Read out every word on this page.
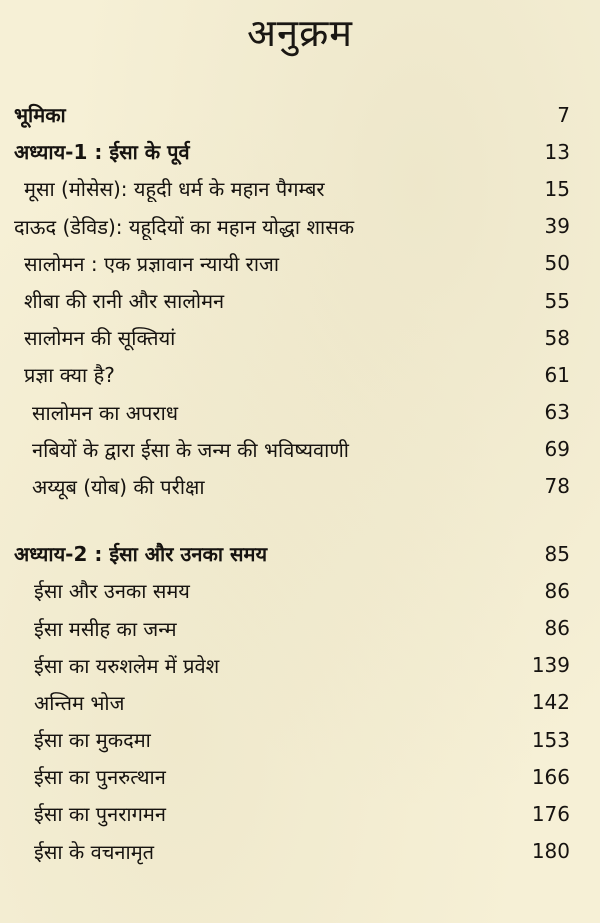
अनुक्रम
भूमिका	7
अध्याय-1 : ईसा के पूर्व	13
मूसा (मोसेस): यहूदी धर्म के महान पैगम्बर	15
दाऊद (डेविड): यहूदियों का महान योद्धा शासक	39
सालोमन : एक प्रज्ञावान न्यायी राजा	50
शीबा की रानी और सालोमन	55
सालोमन की सूक्तियां	58
प्रज्ञा क्या है?	61
सालोमन का अपराध	63
नबियों के द्वारा ईसा के जन्म की भविष्यवाणी	69
अय्यूब (योब) की परीक्षा	78
अध्याय-2 : ईसा और उनका समय	85
ईसा और उनका समय	86
ईसा मसीह का जन्म	86
ईसा का यरुशलेम में प्रवेश	139
अन्तिम भोज	142
ईसा का मुकदमा	153
ईसा का पुनरुत्थान	166
ईसा का पुनरागमन	176
ईसा के वचनामृत	180
